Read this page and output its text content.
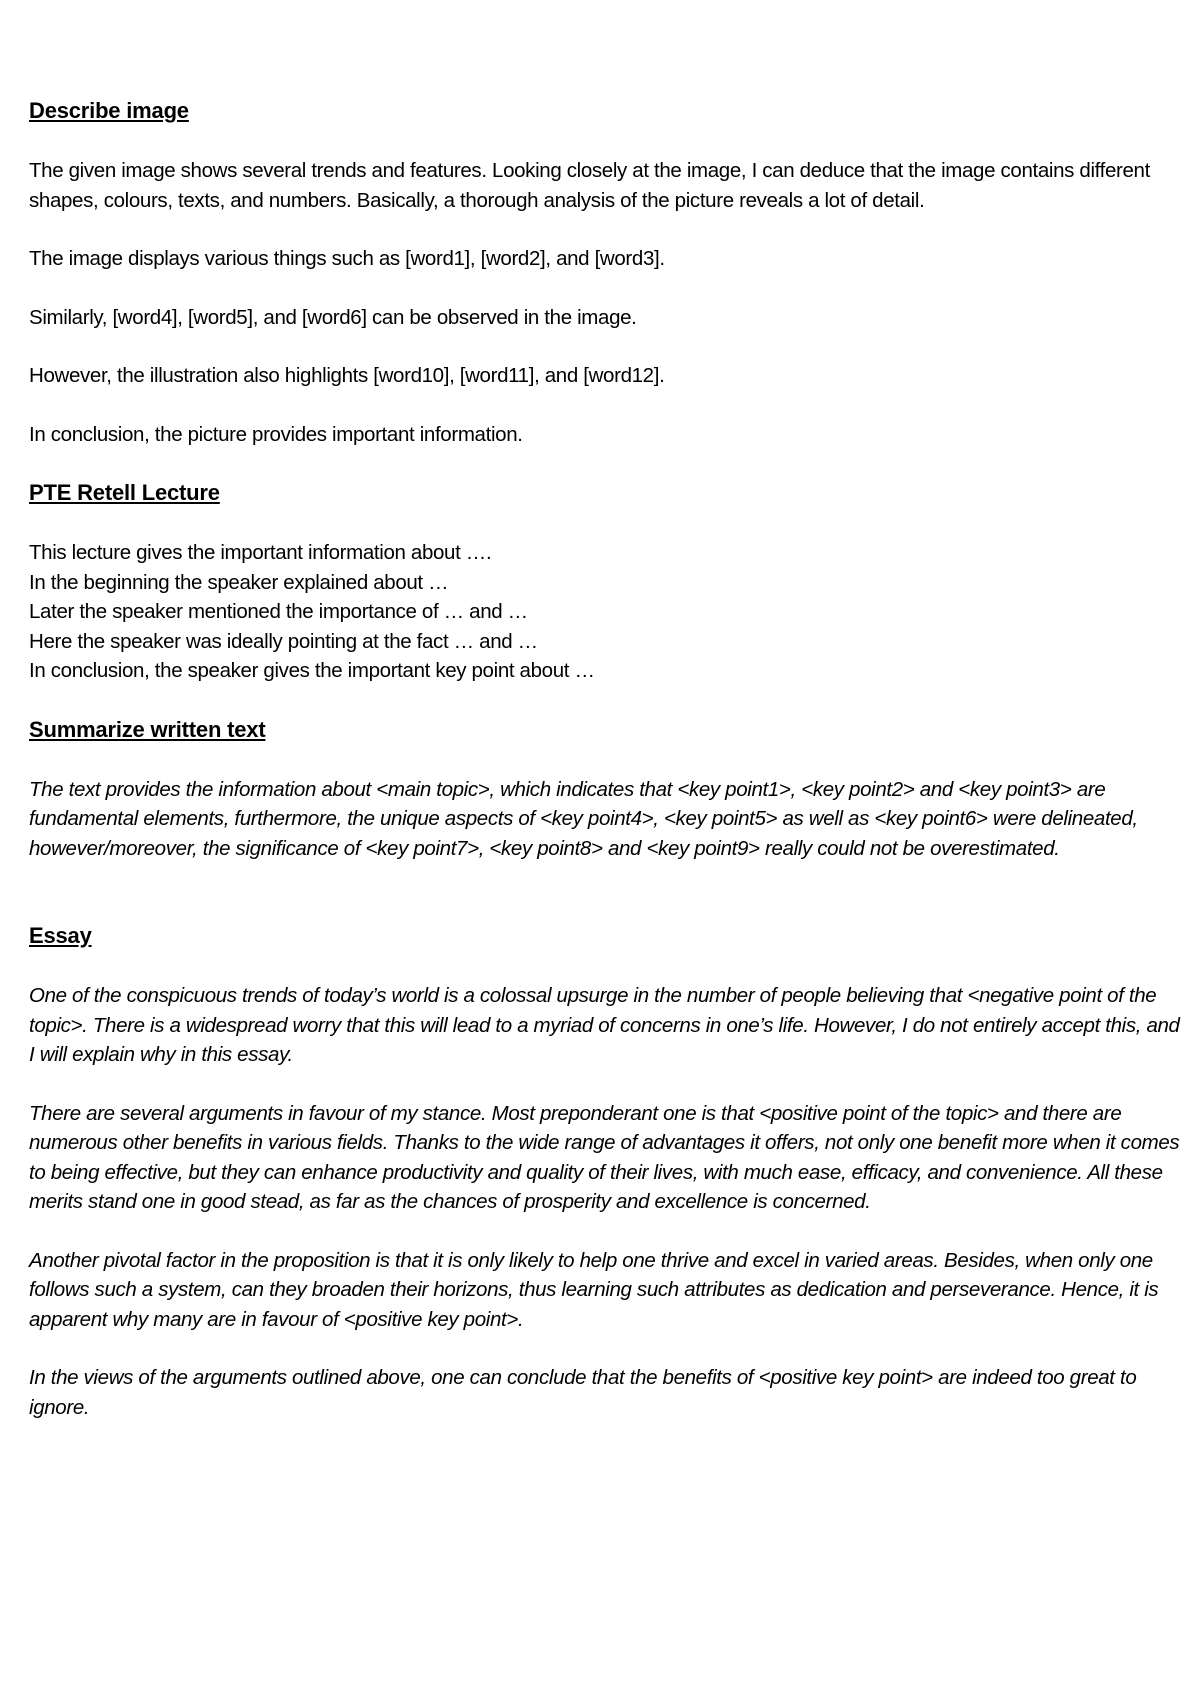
Describe image

The given image shows several trends and features. Looking closely at the image, I can deduce that the image contains different shapes, colours, texts, and numbers. Basically, a thorough analysis of the picture reveals a lot of detail.

The image displays various things such as [word1], [word2], and [word3].

Similarly, [word4], [word5], and [word6] can be observed in the image.

However, the illustration also highlights [word10], [word11], and [word12].

In conclusion, the picture provides important information.

PTE Retell Lecture
This lecture gives the important information about ….
In the beginning the speaker explained about …
Later the speaker mentioned the importance of … and …
Here the speaker was ideally pointing at the fact … and …
In conclusion, the speaker gives the important key point about …
Summarize written text

The text provides the information about <main topic>, which indicates that <key point1>, <key point2> and <key point3> are fundamental elements, furthermore, the unique aspects of <key point4>, <key point5> as well as <key point6> were delineated, however/moreover, the significance of <key point7>, <key point8> and <key point9> really could not be overestimated.

Essay

One of the conspicuous trends of today’s world is a colossal upsurge in the number of people believing that <negative point of the topic>. There is a widespread worry that this will lead to a myriad of concerns in one’s life. However, I do not entirely accept this, and I will explain why in this essay.

There are several arguments in favour of my stance. Most preponderant one is that <positive point of the topic> and there are numerous other benefits in various fields. Thanks to the wide range of advantages it offers, not only one benefit more when it comes to being effective, but they can enhance productivity and quality of their lives, with much ease, efficacy, and convenience. All these merits stand one in good stead, as far as the chances of prosperity and excellence is concerned.

Another pivotal factor in the proposition is that it is only likely to help one thrive and excel in varied areas. Besides, when only one follows such a system, can they broaden their horizons, thus learning such attributes as dedication and perseverance. Hence, it is apparent why many are in favour of <positive key point>.

In the views of the arguments outlined above, one can conclude that the benefits of <positive key point> are indeed too great to ignore.
